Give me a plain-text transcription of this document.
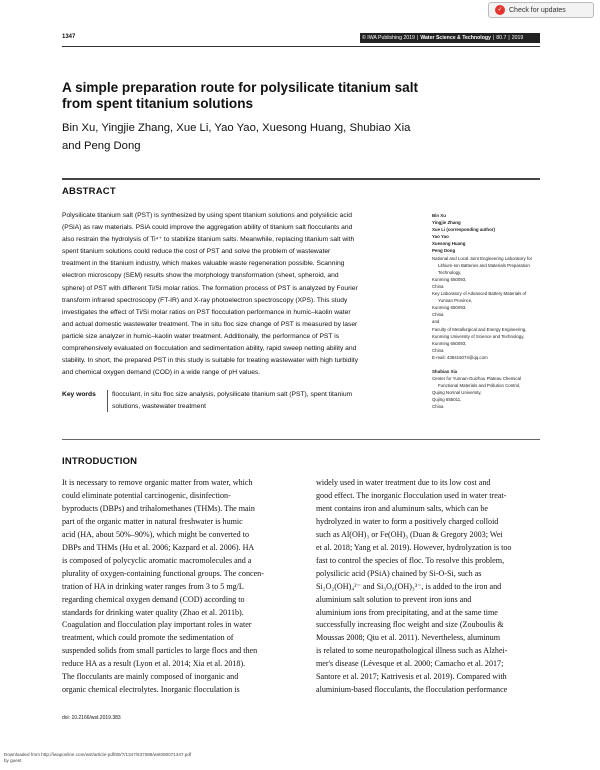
✓ Check for updates
1347	© IWA Publishing 2019 | Water Science & Technology | 80.7 | 2019
A simple preparation route for polysilicate titanium salt
from spent titanium solutions
Bin Xu, Yingjie Zhang, Xue Li, Yao Yao, Xuesong Huang, Shubiao Xia
and Peng Dong
ABSTRACT
Polysilicate titanium salt (PST) is synthesized by using spent titanium solutions and polysilicic acid
(PSiA) as raw materials. PSiA could improve the aggregation ability of titanium salt flocculants and
also restrain the hydrolysis of Ti⁴⁺ to stabilize titanium salts. Meanwhile, replacing titanium salt with
spent titanium solutions could reduce the cost of PST and solve the problem of wastewater
treatment in the titanium industry, which makes valuable waste regeneration possible. Scanning
electron microscopy (SEM) results show the morphology transformation (sheet, spheroid, and
sphere) of PST with different Ti/Si molar ratios. The formation process of PST is analyzed by Fourier
transform infrared spectroscopy (FT-IR) and X-ray photoelectron spectroscopy (XPS). This study
investigates the effect of Ti/Si molar ratios on PST flocculation performance in humic–kaolin water
and actual domestic wastewater treatment. The in situ floc size change of PST is measured by laser
particle size analyzer in humic–kaolin water treatment. Additionally, the performance of PST is
comprehensively evaluated on flocculation and sedimentation ability, rapid sweep netting ability and
stability. In short, the prepared PST in this study is suitable for treating wastewater with high turbidity
and chemical oxygen demand (COD) in a wide range of pH values.
Key words flocculant, in situ floc size analysis, polysilicate titanium salt (PST), spent titanium
solutions, wastewater treatment
Bin Xu
Yingjie Zhang
Xue Li (corresponding author)
Yao Yao
Xuesong Huang
Peng Dong
National and Local Joint Engineering Laboratory for
Lithium-Ion Batteries and Materials Preparation
Technology,
Kunming 650093,
China
Key Laboratory of Advanced Battery Materials of
Yunnan Province,
Kunming 650093,
China
and
Faculty of Metallurgical and Energy Engineering,
Kunming University of Science and Technology,
Kunming 650093,
China
E-mail: 438416074@qq.com
Shubiao Xia
Center for Yunnan-Guizhou Plateau Chemical
Functional Materials and Pollution Control,
Qujing Normal University,
Qujing 655011,
China
INTRODUCTION
It is necessary to remove organic matter from water, which
could eliminate potential carcinogenic, disinfection-
byproducts (DBPs) and trihalomethanes (THMs). The main
part of the organic matter in natural freshwater is humic
acid (HA, about 50%–90%), which might be converted to
DBPs and THMs (Hu et al. 2006; Kazpard et al. 2006). HA
is composed of polycyclic aromatic macromolecules and a
plurality of oxygen-containing functional groups. The concen-
tration of HA in drinking water ranges from 3 to 5 mg/L
regarding chemical oxygen demand (COD) according to
standards for drinking water quality (Zhao et al. 2011b).
Coagulation and flocculation play important roles in water
treatment, which could promote the sedimentation of
suspended solids from small particles to large flocs and then
reduce HA as a result (Lyon et al. 2014; Xia et al. 2018).
The flocculants are mainly composed of inorganic and
organic chemical electrolytes. Inorganic flocculation is
widely used in water treatment due to its low cost and
good effect. The inorganic flocculation used in water treat-
ment contains iron and aluminum salts, which can be
hydrolyzed in water to form a positively charged colloid
such as Al(OH)₃ or Fe(OH)₃ (Duan & Gregory 2003; Wei
et al. 2018; Yang et al. 2019). However, hydrolyzation is too
fast to control the species of floc. To resolve this problem,
polysilicic acid (PSiA) chained by Si-O-Si, such as
Si₂O₂(OH)₄²⁻ and Si₃O₆(OH)₃³⁻, is added to the iron and
aluminium salt solution to prevent iron ions and
aluminium ions from precipitating, and at the same time
successfully increasing floc weight and size (Zouboulis &
Moussas 2008; Qiu et al. 2011). Nevertheless, aluminum
is related to some neuropathological illness such as Alzhei-
mer's disease (Lévesque et al. 2000; Camacho et al. 2017;
Santore et al. 2017; Katrivesis et al. 2019). Compared with
aluminium-based flocculants, the flocculation performance
doi: 10.2166/wst.2019.383
Downloaded from http://iwaponline.com/wst/article-pdf/80/7/1347/637088/wst080071347.pdf
by guest
